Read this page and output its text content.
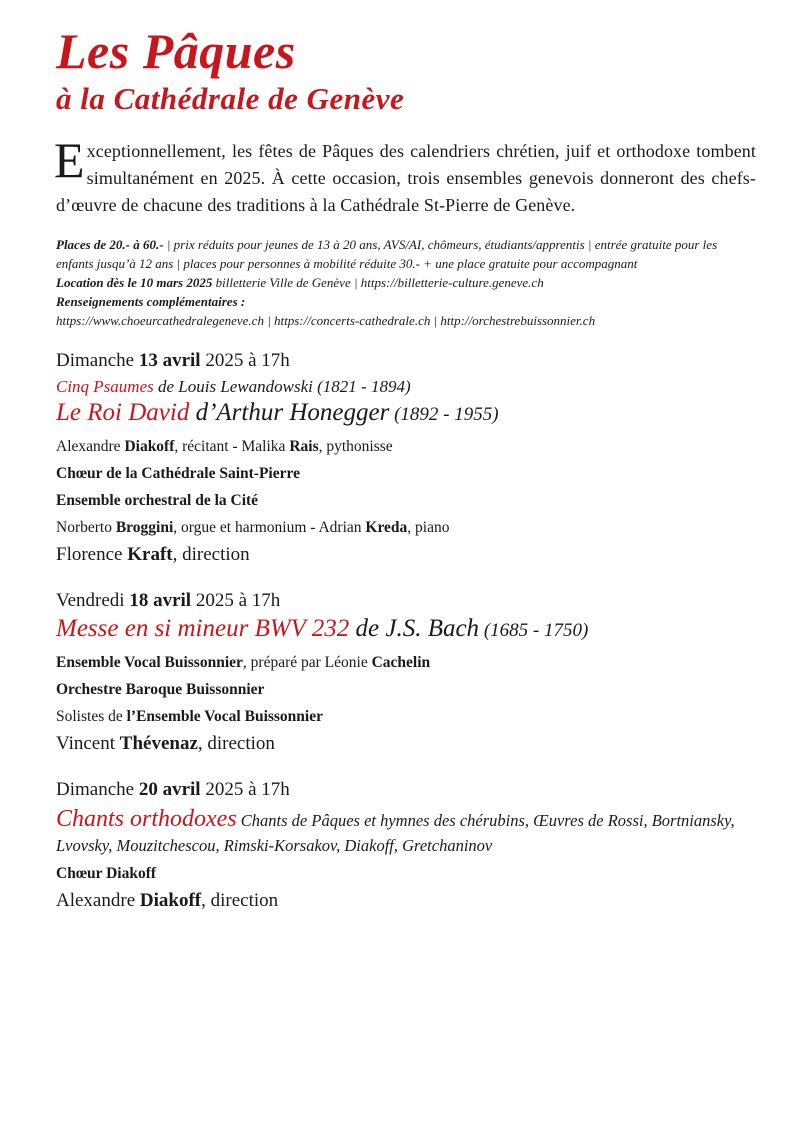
Les Pâques
à la Cathédrale de Genève

Exceptionnellement, les fêtes de Pâques des calendriers chrétien, juif et orthodoxe tombent simultanément en 2025. À cette occasion, trois ensembles genevois donneront des chefs-d’œuvre de chacune des traditions à la Cathédrale St-Pierre de Genève.

Places de 20.- à 60.- | prix réduits pour jeunes de 13 à 20 ans, AVS/AI, chômeurs, étudiants/apprentis | entrée gratuite pour les enfants jusqu’à 12 ans | places pour personnes à mobilité réduite 30.- + une place gratuite pour accompagnant
Location dès le 10 mars 2025 billetterie Ville de Genève | https://billetterie-culture.geneve.ch
Renseignements complémentaires :
https://www.choeurcathedralegeneve.ch | https://concerts-cathedrale.ch | http://orchestrebuissonnier.ch

Dimanche 13 avril 2025 à 17h

Cinq Psaumes de Louis Lewandowski (1821 - 1894)

Le Roi David d’Arthur Honegger (1892 - 1955)

Alexandre Diakoff, récitant - Malika Rais, pythonisse

Chœur de la Cathédrale Saint-Pierre

Ensemble orchestral de la Cité

Norberto Broggini, orgue et harmonium - Adrian Kreda, piano

Florence Kraft, direction

Vendredi 18 avril 2025 à 17h

Messe en si mineur BWV 232 de J.S. Bach (1685 - 1750)

Ensemble Vocal Buissonnier, préparé par Léonie Cachelin

Orchestre Baroque Buissonnier

Solistes de l’Ensemble Vocal Buissonnier

Vincent Thévenaz, direction

Dimanche 20 avril 2025 à 17h

Chants orthodoxes Chants de Pâques et hymnes des chérubins, Œuvres de Rossi, Bortniansky, Lvovsky, Mouzitchescou, Rimski-Korsakov, Diakoff, Gretchaninov

Chœur Diakoff

Alexandre Diakoff, direction
